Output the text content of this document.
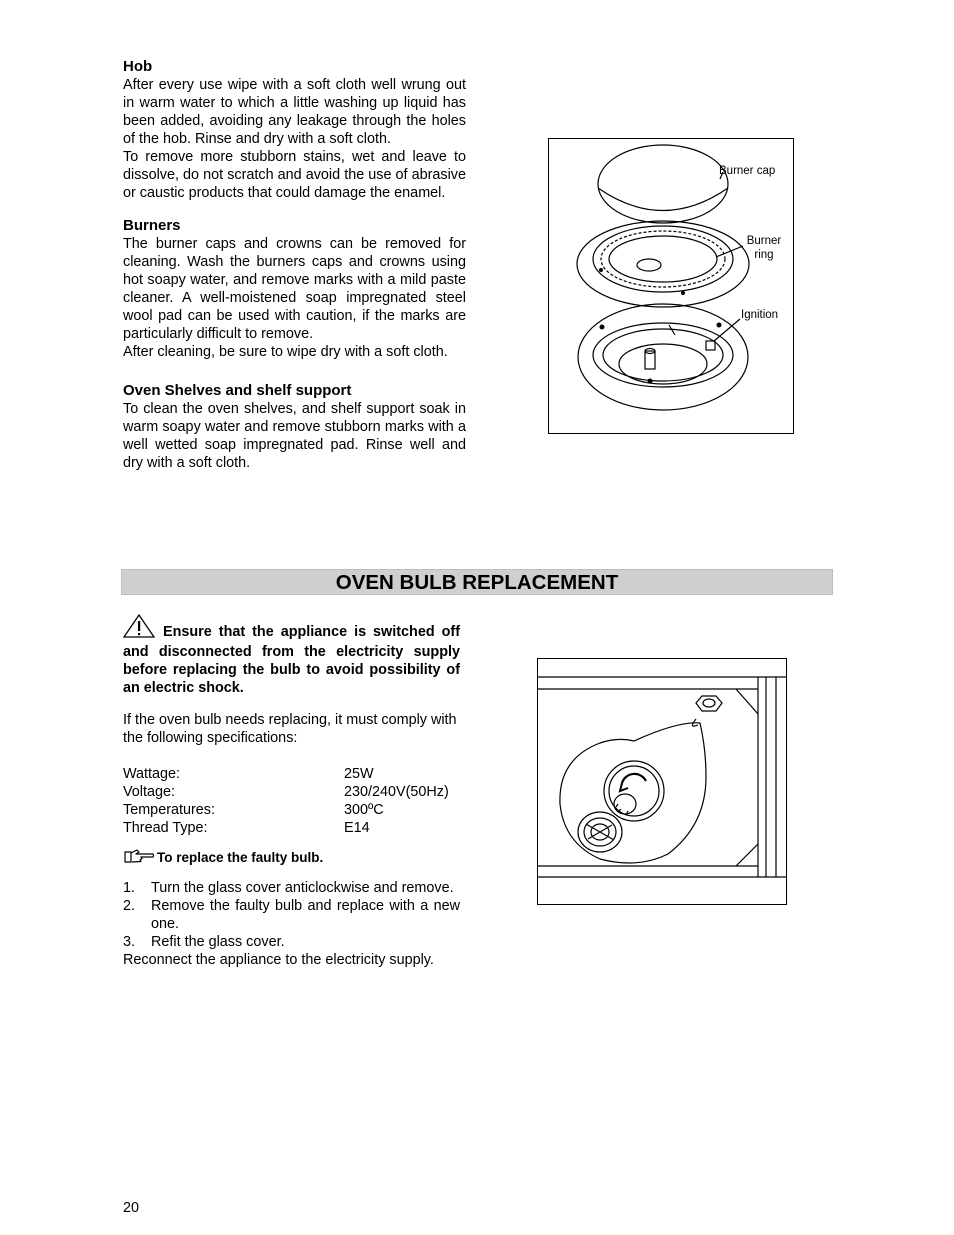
Hob

After every use wipe with a soft cloth well wrung out in warm water to which a little washing up liquid has been added, avoiding any leakage through the holes of the hob. Rinse and dry with a soft cloth.

To remove more stubborn stains, wet and leave to dissolve, do not scratch and avoid the use of abrasive or caustic products that could damage the enamel.

Burners

The burner caps and crowns can be removed for cleaning. Wash the burners caps and crowns using hot soapy water, and remove marks with a mild paste cleaner. A well-moistened soap impregnated steel wool pad can be used with caution, if the marks are particularly difficult to remove.

After cleaning, be sure to wipe dry with a soft cloth.

Oven Shelves and shelf support

To clean the oven shelves, and shelf support soak in warm soapy water and remove stubborn marks with a well wetted soap impregnated pad. Rinse well and dry with a soft cloth.

Burner cap
Burner ring
Ignition
OVEN BULB REPLACEMENT

Ensure that the appliance is switched off and disconnected from the electricity supply before replacing the bulb to avoid possibility of an electric shock.

If the oven bulb needs replacing, it must comply with the following specifications:

Wattage:	25W
Voltage:	230/240V(50Hz)
Temperatures:	300ºC
Thread Type:	E14
To replace the faulty bulb.
1.	Turn the glass cover anticlockwise and remove.
2.	Remove the faulty bulb and replace with a new one.
3.	Refit the glass cover.

Reconnect the appliance to the electricity supply.

20
